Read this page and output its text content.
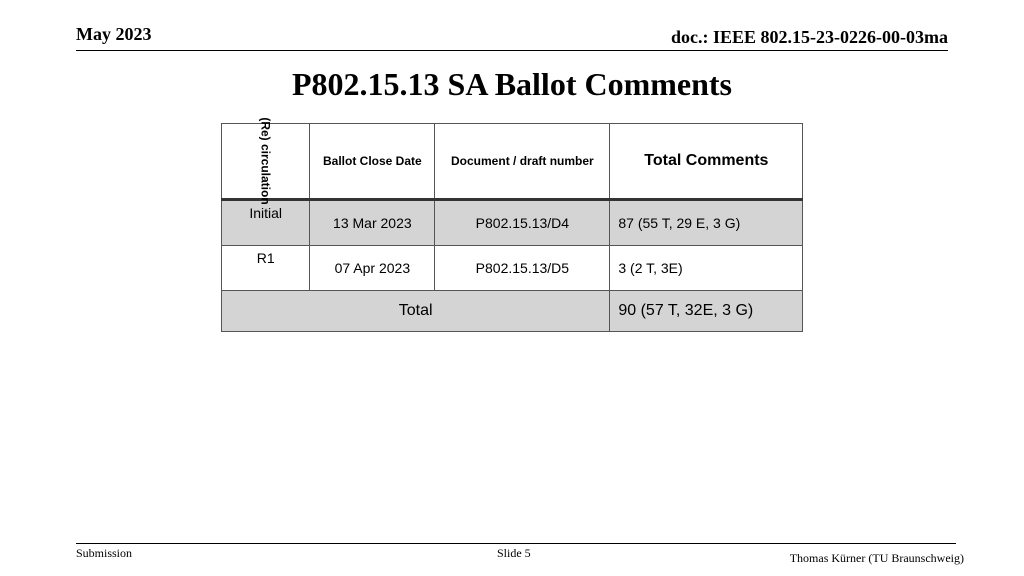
May 2023	doc.: IEEE 802.15-23-0226-00-03ma
P802.15.13 SA Ballot Comments
(Re) circulation	Ballot Close Date	Document / draft number	Total Comments
Initial	13 Mar 2023	P802.15.13/D4	87 (55 T, 29 E, 3 G)
R1	07 Apr 2023	P802.15.13/D5	3 (2 T, 3E)
Total			90 (57 T, 32E, 3 G)
Submission	Slide 5	Thomas Kürner (TU Braunschweig)
